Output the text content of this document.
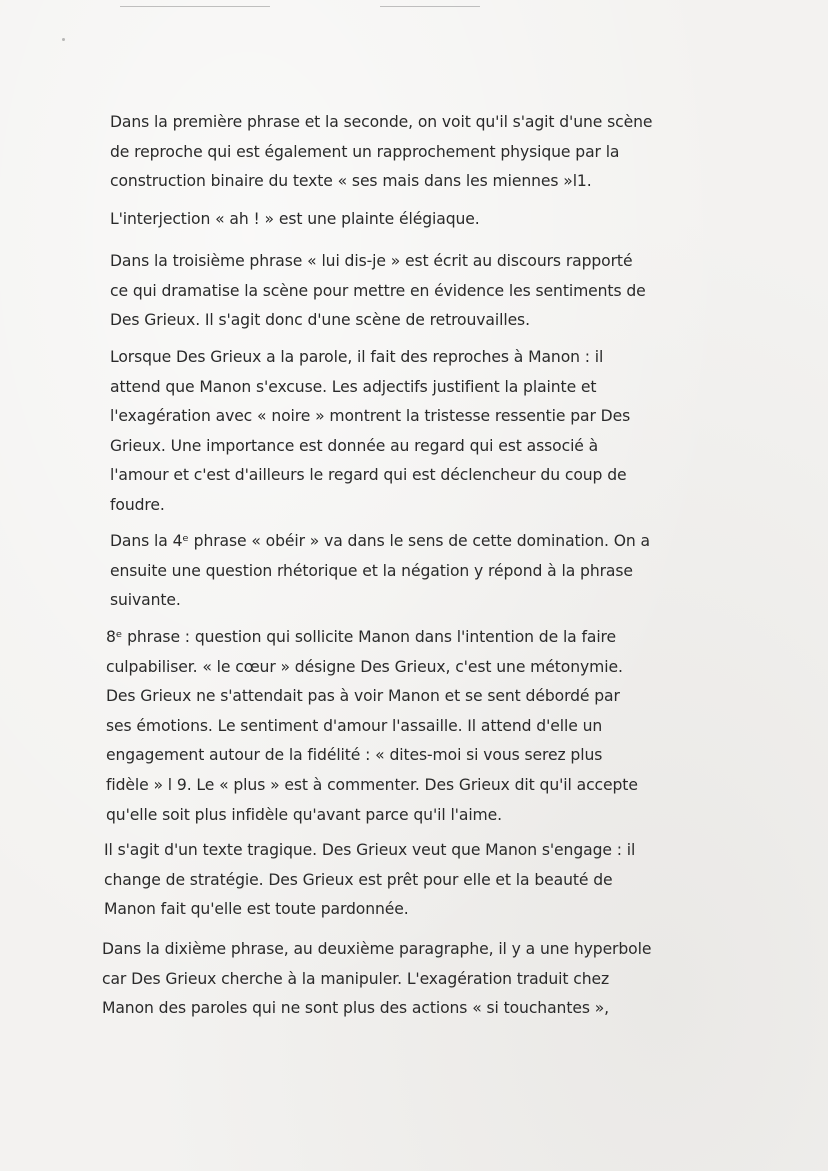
Dans la première phrase et la seconde, on voit qu'il s'agit d'une scène
de reproche qui est également un rapprochement physique par la
construction binaire du texte « ses mais dans les miennes »l1.

L'interjection « ah ! » est une plainte élégiaque.

Dans la troisième phrase « lui dis-je » est écrit au discours rapporté
ce qui dramatise la scène pour mettre en évidence les sentiments de
Des Grieux. Il s'agit donc d'une scène de retrouvailles.

Lorsque Des Grieux a la parole, il fait des reproches à Manon : il
attend que Manon s'excuse. Les adjectifs justifient la plainte et
l'exagération avec « noire » montrent la tristesse ressentie par Des
Grieux. Une importance est donnée au regard qui est associé à
l'amour et c'est d'ailleurs le regard qui est déclencheur du coup de
foudre.

Dans la 4ᵉ phrase « obéir » va dans le sens de cette domination. On a
ensuite une question rhétorique et la négation y répond à la phrase
suivante.

8ᵉ phrase : question qui sollicite Manon dans l'intention de la faire
culpabiliser. « le cœur » désigne Des Grieux, c'est une métonymie.
Des Grieux ne s'attendait pas à voir Manon et se sent débordé par
ses émotions. Le sentiment d'amour l'assaille. Il attend d'elle un
engagement autour de la fidélité : « dites-moi si vous serez plus
fidèle » l 9. Le « plus » est à commenter. Des Grieux dit qu'il accepte
qu'elle soit plus infidèle qu'avant parce qu'il l'aime.

Il s'agit d'un texte tragique. Des Grieux veut que Manon s'engage : il
change de stratégie. Des Grieux est prêt pour elle et la beauté de
Manon fait qu'elle est toute pardonnée.

Dans la dixième phrase, au deuxième paragraphe, il y a une hyperbole
car Des Grieux cherche à la manipuler. L'exagération traduit chez
Manon des paroles qui ne sont plus des actions « si touchantes »,
